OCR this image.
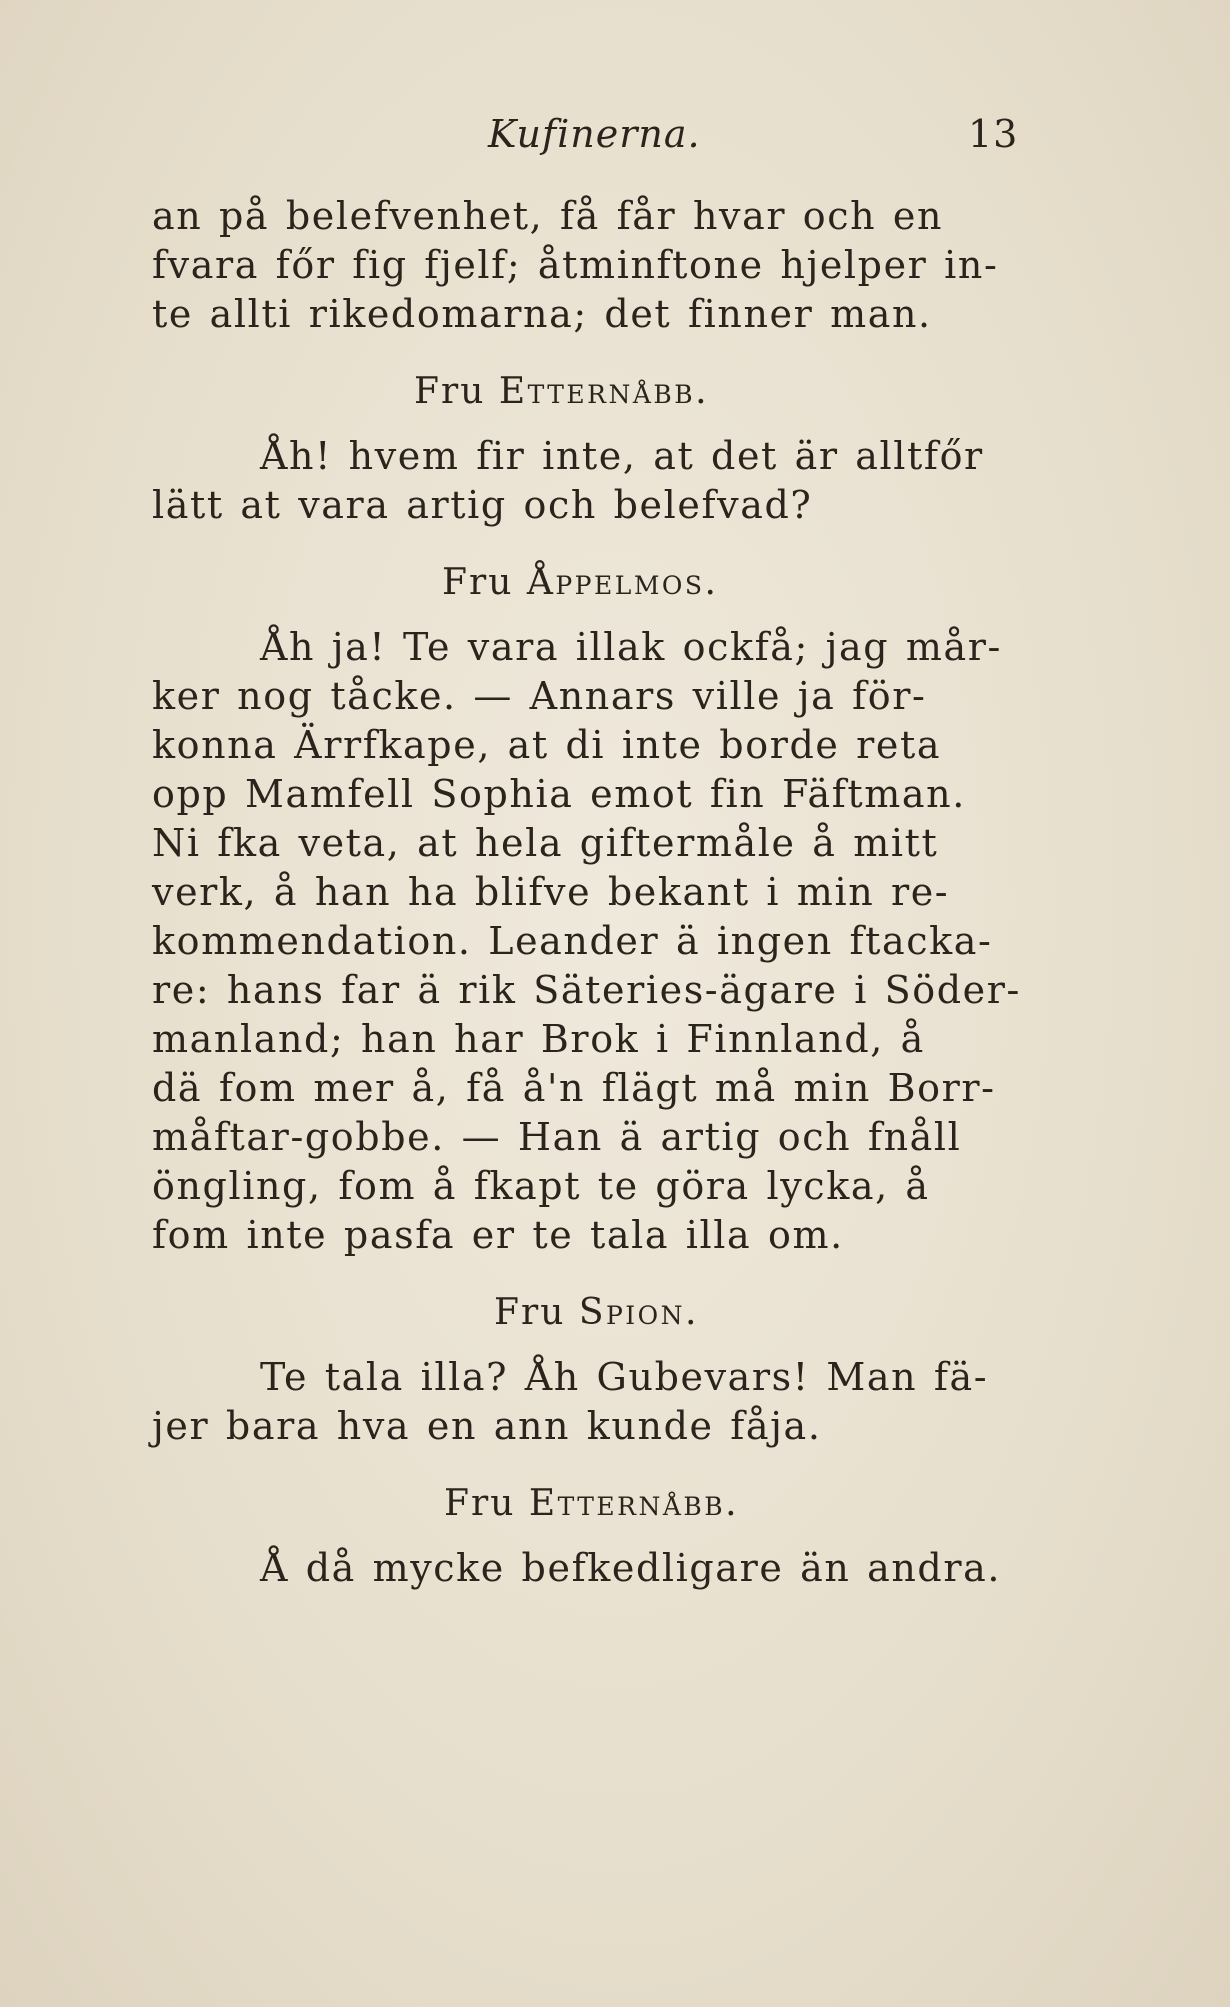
Kufinerna.	13
an på belefvenhet, få får hvar och en
fvara főr fig fjelf; åtminftone hjelper in-
te allti rikedomarna; det finner man.
Fru Etternåbb.
Åh! hvem fir inte, at det är alltfőr
lätt at vara artig och belefvad?
Fru Åppelmos.
Åh ja! Te vara illak ockfå; jag mår-
ker nog tåcke. — Annars ville ja för-
konna Ärrfkape, at di inte borde reta
opp Mamfell Sophia emot fin Fäftman.
Ni fka veta, at hela giftermåle å mitt
verk, å han ha blifve bekant i min re-
kommendation. Leander ä ingen ftacka-
re: hans far ä rik Säteries-ägare i Söder-
manland; han har Brok i Finnland, å
dä fom mer å, få å'n flägt må min Borr-
måftar-gobbe. — Han ä artig och fnåll
öngling, fom å fkapt te göra lycka, å
fom inte pasfa er te tala illa om.
Fru Spion.
Te tala illa? Åh Gubevars! Man fä-
jer bara hva en ann kunde fåja.
Fru Etternåbb.
Å då mycke befkedligare än andra.
